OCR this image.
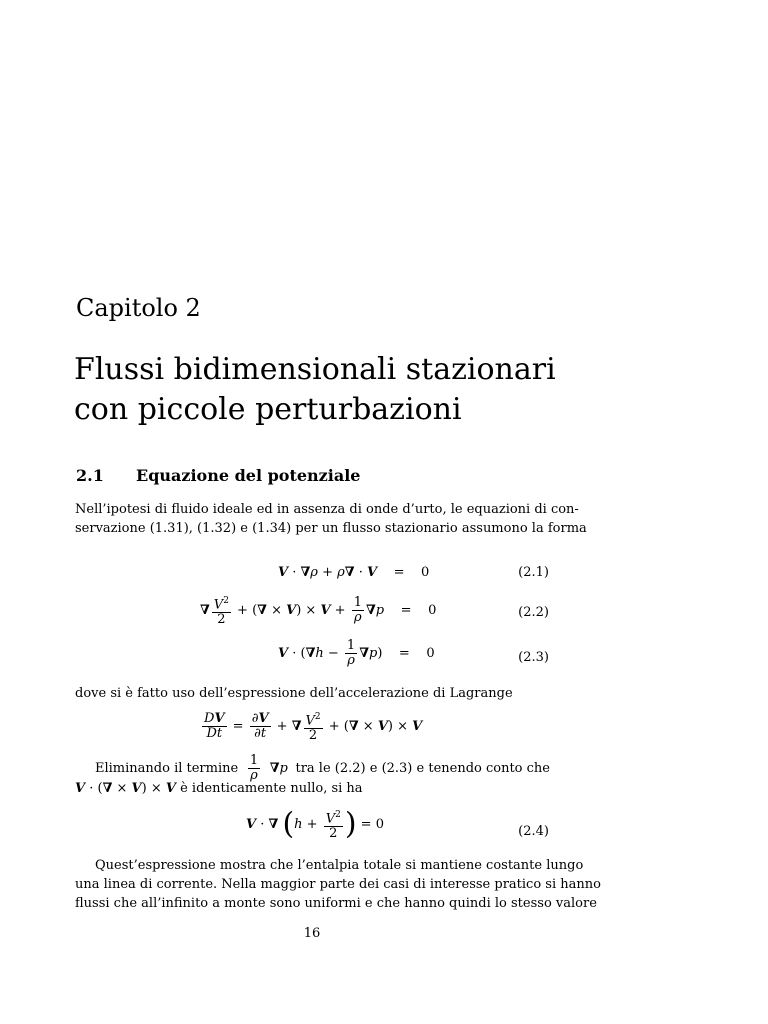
Capitolo 2
Flussi bidimensionali stazionari
con piccole perturbazioni
2.1 Equazione del potenziale
Nell’ipotesi di fluido ideale ed in assenza di onde d’urto, le equazioni di con-
servazione (1.31), (1.32) e (1.34) per un flusso stazionario assumono la forma
V · ∇ρ + ρ∇ · V    =    0	(2.1)
∇ $\frac{V^2}{2}$ + (∇ × $V) \times V + \frac{1}{\rho} \nabla p$    =    0	(2.2)
$V \cdot (\nabla h - \frac{1}{\rho} \nabla p)$    =    0	(2.3)
dove si è fatto uso dell’espressione dell’accelerazione di Lagrange
$\frac{DV}{Dt} = \frac{\partial V}{\partial t}$ + ∇ $\frac{V^2}{2}$ + (∇ × V) × V
Eliminando il termine $\frac{1}{\rho} \nabla p$ tra le (2.2) e (2.3) e tenendo conto che
V · (∇ × V) × V è identicamente nullo, si ha
V · ∇ ($h + \frac{V^2}{2}$ ) = 0	(2.4)
Quest’espressione mostra che l’entalpia totale si mantiene costante lungo
una linea di corrente. Nella maggior parte dei casi di interesse pratico si hanno
flussi che all’infinito a monte sono uniformi e che hanno quindi lo stesso valore
16
